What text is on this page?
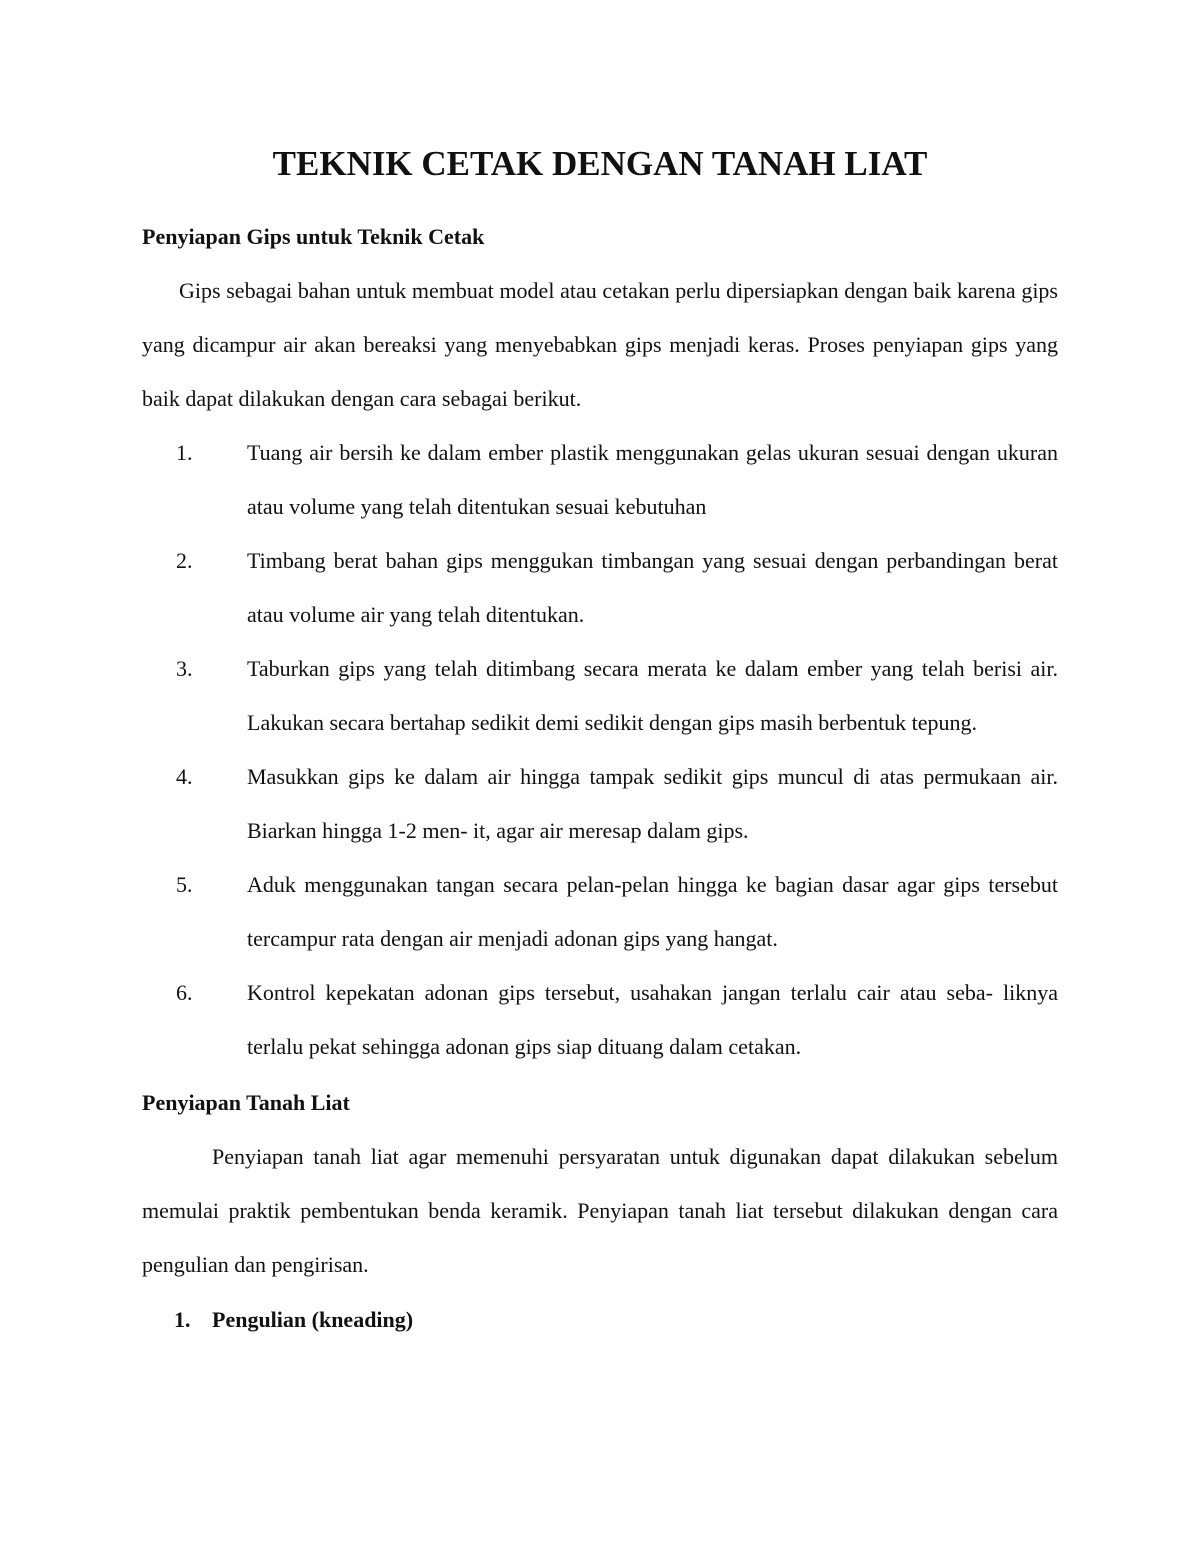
TEKNIK CETAK DENGAN TANAH LIAT
Penyiapan Gips untuk Teknik Cetak
Gips sebagai bahan untuk membuat model atau cetakan perlu dipersiapkan dengan baik karena gips yang dicampur air akan bereaksi yang menyebabkan gips menjadi keras. Proses penyiapan gips yang baik dapat dilakukan dengan cara sebagai berikut.
1. Tuang air bersih ke dalam ember plastik menggunakan gelas ukuran sesuai dengan ukuran atau volume yang telah ditentukan sesuai kebutuhan
2. Timbang berat bahan gips menggukan timbangan yang sesuai dengan perbandingan berat atau volume air yang telah ditentukan.
3. Taburkan gips yang telah ditimbang secara merata ke dalam ember yang telah berisi air. Lakukan secara bertahap sedikit demi sedikit dengan gips masih berbentuk tepung.
4. Masukkan gips ke dalam air hingga tampak sedikit gips muncul di atas permukaan air. Biarkan hingga 1-2 men- it, agar air meresap dalam gips.
5. Aduk menggunakan tangan secara pelan-pelan hingga ke bagian dasar agar gips tersebut tercampur rata dengan air menjadi adonan gips yang hangat.
6. Kontrol kepekatan adonan gips tersebut, usahakan jangan terlalu cair atau seba- liknya terlalu pekat sehingga adonan gips siap dituang dalam cetakan.
Penyiapan Tanah Liat
Penyiapan tanah liat agar memenuhi persyaratan untuk digunakan dapat dilakukan sebelum memulai praktik pembentukan benda keramik. Penyiapan tanah liat tersebut dilakukan dengan cara pengulian dan pengirisan.
1. Pengulian (kneading)
